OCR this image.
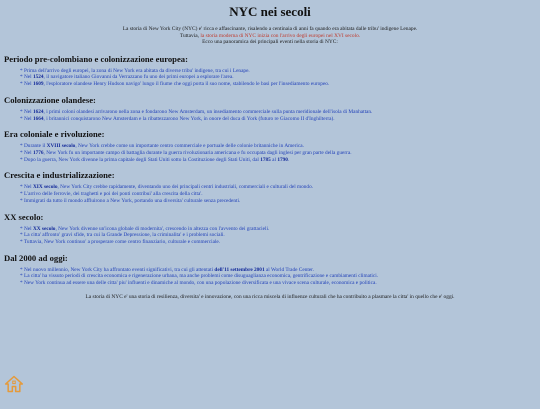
NYC nei secoli
La storia di New York City (NYC) e' ricca e affascinante, risalendo a centinaia di anni fa quando era abitata dalle tribu' indigene Lenape.
Tuttavia, la storia moderna di NYC inizia con l'arrivo degli europei nel XVI secolo.
Ecco una panoramica dei principali eventi nella storia di NYC:
Periodo pre-colombiano e colonizzazione europea:
* Prima dell'arrivo degli europei, la zona di New York era abitata da diverse tribu' indigene, tra cui i Lenape.
* Nel 1524, il navigatore italiano Giovanni da Verrazzano fu uno dei primi europei a esplorare l'area.
* Nel 1609, l'esploratore olandese Henry Hudson navigo' lungo il fiume che oggi porta il suo nome, stabilendo le basi per l'insediamento europeo.
Colonizzazione olandese:
* Nel 1624, i primi coloni olandesi arrivarono nella zona e fondarono New Amsterdam, un insediamento commerciale sulla punta meridionale dell'isola di Manhattan.
* Nel 1664, i britannici conquistarono New Amsterdam e la ribattezzarono New York, in onore del duca di York (futuro re Giacomo II d'Inghilterra).
Era coloniale e rivoluzione:
* Durante il XVIII secolo, New York crebbe come un importante centro commerciale e portuale delle colonie britanniche in America.
* Nel 1776, New York fu un importante campo di battaglia durante la guerra rivoluzionaria americana e fu occupata dagli inglesi per gran parte della guerra.
* Dopo la guerra, New York divenne la prima capitale degli Stati Uniti sotto la Costituzione degli Stati Uniti, dal 1785 al 1790.
Crescita e industrializzazione:
* Nel XIX secolo, New York City crebbe rapidamente, diventando uno dei principali centri industriali, commerciali e culturali del mondo.
* L'arrivo delle ferrovie, dei traghetti e poi dei ponti contribui' alla crescita della citta'.
* Immigrati da tutto il mondo affluirono a New York, portando una diversita' culturale senza precedenti.
XX secolo:
* Nel XX secolo, New York divenne un'icona globale di modernita', crescendo in altezza con l'avvento dei grattacieli.
* La citta' affronto' gravi sfide, tra cui la Grande Depressione, la criminalita' e i problemi sociali.
* Tuttavia, New York continuo' a prosperare come centro finanziario, culturale e commerciale.
Dal 2000 ad oggi:
* Nel nuovo millennio, New York City ha affrontato eventi significativi, tra cui gli attentati dell'11 settembre 2001 al World Trade Center.
* La citta' ha vissuto periodi di crescita economica e rigenerazione urbana, ma anche problemi come disuguaglianza economica, gentrificazione e cambiamenti climatici.
* New York continua ad essere una delle citta' piu' influenti e dinamiche al mondo, con una popolazione diversificata e una vivace scena culturale, economica e politica.

La storia di NYC e' una storia di resilienza, diversita' e innovazione, con una ricca miscela di influenze culturali che ha contribuito a plasmare la citta' in quello che e' oggi.
